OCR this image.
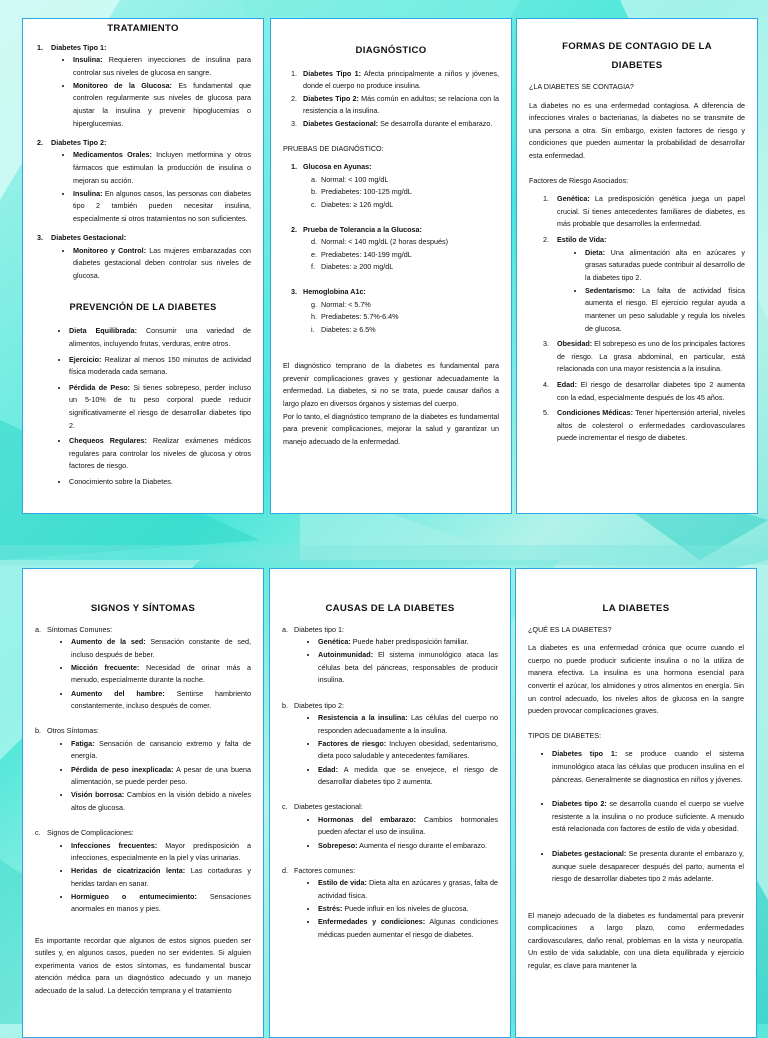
TRATAMIENTO
1. Diabetes Tipo 1:
• Insulina: Requieren inyecciones de insulina para controlar sus niveles de glucosa en sangre.
• Monitoreo de la Glucosa: Es fundamental que controlen regularmente sus niveles de glucosa para ajustar la insulina y prevenir hipoglucemias o hiperglucemias.
2. Diabetes Tipo 2:
• Medicamentos Orales: Incluyen metformina y otros fármacos que estimulan la producción de insulina o mejoran su acción.
• Insulina: En algunos casos, las personas con diabetes tipo 2 también pueden necesitar insulina, especialmente si otros tratamientos no son suficientes.
3. Diabetes Gestacional:
• Monitoreo y Control: Las mujeres embarazadas con diabetes gestacional deben controlar sus niveles de glucosa.
PREVENCIÓN DE LA DIABETES
• Dieta Equilibrada: Consumir una variedad de alimentos, incluyendo frutas, verduras, entre otros.
• Ejercicio: Realizar al menos 150 minutos de actividad física moderada cada semana.
• Pérdida de Peso: Si tienes sobrepeso, perder incluso un 5-10% de tu peso corporal puede reducir significativamente el riesgo de desarrollar diabetes tipo 2.
• Chequeos Regulares: Realizar exámenes médicos regulares para controlar los niveles de glucosa y otros factores de riesgo.
• Conocimiento sobre la Diabetes.
DIAGNÓSTICO
1. Diabetes Tipo 1: Afecta principalmente a niños y jóvenes, donde el cuerpo no produce insulina.
2. Diabetes Tipo 2: Más común en adultos; se relaciona con la resistencia a la insulina.
3. Diabetes Gestacional: Se desarrolla durante el embarazo.

PRUEBAS DE DIAGNÓSTICO:

1. Glucosa en Ayunas:
a. Normal: < 100 mg/dL
b. Prediabetes: 100-125 mg/dL
c. Diabetes: ≥ 126 mg/dL
2. Prueba de Tolerancia a la Glucosa:
d. Normal: < 140 mg/dL (2 horas después)
e. Prediabetes: 140-199 mg/dL
f. Diabetes: ≥ 200 mg/dL
3. Hemoglobina A1c:
g. Normal: < 5.7%
h. Prediabetes: 5.7%-6.4%
i. Diabetes: ≥ 6.5%

El diagnóstico temprano de la diabetes es fundamental para prevenir complicaciones graves y gestionar adecuadamente la enfermedad. La diabetes, si no se trata, puede causar daños a largo plazo en diversos órganos y sistemas del cuerpo.

Por lo tanto, el diagnóstico temprano de la diabetes es fundamental para prevenir complicaciones, mejorar la salud y garantizar un manejo adecuado de la enfermedad.

FORMAS DE CONTAGIO DE LA DIABETES

¿LA DIABETES SE CONTAGIA?

La diabetes no es una enfermedad contagiosa. A diferencia de infecciones virales o bacterianas, la diabetes no se transmite de una persona a otra. Sin embargo, existen factores de riesgo y condiciones que pueden aumentar la probabilidad de desarrollar esta enfermedad.

Factores de Riesgo Asociados:

1. Genética: La predisposición genética juega un papel crucial. Si tienes antecedentes familiares de diabetes, es más probable que desarrolles la enfermedad.
2. Estilo de Vida:
• Dieta: Una alimentación alta en azúcares y grasas saturadas puede contribuir al desarrollo de la diabetes tipo 2.
• Sedentarismo: La falta de actividad física aumenta el riesgo. El ejercicio regular ayuda a mantener un peso saludable y regula los niveles de glucosa.
3. Obesidad: El sobrepeso es uno de los principales factores de riesgo. La grasa abdominal, en particular, está relacionada con una mayor resistencia a la insulina.
4. Edad: El riesgo de desarrollar diabetes tipo 2 aumenta con la edad, especialmente después de los 45 años.
5. Condiciones Médicas: Tener hipertensión arterial, niveles altos de colesterol o enfermedades cardiovasculares puede incrementar el riesgo de diabetes.
SIGNOS Y SÍNTOMAS
a. Síntomas Comunes:
• Aumento de la sed: Sensación constante de sed, incluso después de beber.
• Micción frecuente: Necesidad de orinar más a menudo, especialmente durante la noche.
• Aumento del hambre: Sentirse hambriento constantemente, incluso después de comer.
b. Otros Síntomas:
• Fatiga: Sensación de cansancio extremo y falta de energía.
• Pérdida de peso inexplicada: A pesar de una buena alimentación, se puede perder peso.
• Visión borrosa: Cambios en la visión debido a niveles altos de glucosa.
c. Signos de Complicaciones:
• Infecciones frecuentes: Mayor predisposición a infecciones, especialmente en la piel y vías urinarias.
• Heridas de cicatrización lenta: Las cortaduras y heridas tardan en sanar.
• Hormigueo o entumecimiento: Sensaciones anormales en manos y pies.

Es importante recordar que algunos de estos signos pueden ser sutiles y, en algunos casos, pueden no ser evidentes. Si alguien experimenta varios de estos síntomas, es fundamental buscar atención médica para un diagnóstico adecuado y un manejo adecuado de la salud. La detección temprana y el tratamiento

CAUSAS DE LA DIABETES
a. Diabetes tipo 1:
• Genética: Puede haber predisposición familiar.
• Autoinmunidad: El sistema inmunológico ataca las células beta del páncreas, responsables de producir insulina.
b. Diabetes tipo 2:
• Resistencia a la insulina: Las células del cuerpo no responden adecuadamente a la insulina.
• Factores de riesgo: Incluyen obesidad, sedentarismo, dieta poco saludable y antecedentes familiares.
• Edad: A medida que se envejece, el riesgo de desarrollar diabetes tipo 2 aumenta.
c. Diabetes gestacional:
• Hormonas del embarazo: Cambios hormonales pueden afectar el uso de insulina.
• Sobrepeso: Aumenta el riesgo durante el embarazo.
d. Factores comunes:
• Estilo de vida: Dieta alta en azúcares y grasas, falta de actividad física.
• Estrés: Puede influir en los niveles de glucosa.
• Enfermedades y condiciones: Algunas condiciones médicas pueden aumentar el riesgo de diabetes.
LA DIABETES

¿QUÉ ES LA DIABETES?

La diabetes es una enfermedad crónica que ocurre cuando el cuerpo no puede producir suficiente insulina o no la utiliza de manera efectiva. La insulina es una hormona esencial para convertir el azúcar, los almidones y otros alimentos en energía. Sin un control adecuado, los niveles altos de glucosa en la sangre pueden provocar complicaciones graves.

TIPOS DE DIABETES:

• Diabetes tipo 1: se produce cuando el sistema inmunológico ataca las células que producen insulina en el páncreas. Generalmente se diagnostica en niños y jóvenes.
• Diabetes tipo 2: se desarrolla cuando el cuerpo se vuelve resistente a la insulina o no produce suficiente. A menudo está relacionada con factores de estilo de vida y obesidad.
• Diabetes gestacional: Se presenta durante el embarazo y, aunque suele desaparecer después del parto, aumenta el riesgo de desarrollar diabetes tipo 2 más adelante.

El manejo adecuado de la diabetes es fundamental para prevenir complicaciones a largo plazo, como enfermedades cardiovasculares, daño renal, problemas en la vista y neuropatía. Un estilo de vida saludable, con una dieta equilibrada y ejercicio regular, es clave para mantener la
